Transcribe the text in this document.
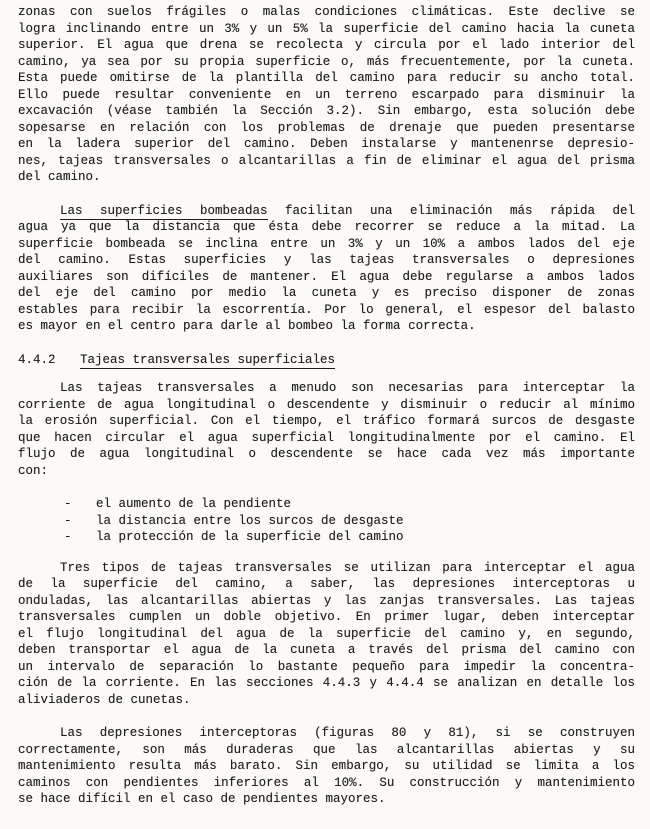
zonas con suelos frágiles o malas condiciones climáticas. Este declive se
logra inclinando entre un 3% y un 5% la superficie del camino hacia la cuneta
superior. El agua que drena se recolecta y circula por el lado interior del
camino, ya sea por su propia superficie o, más frecuentemente, por la cuneta.
Esta puede omitirse de la plantilla del camino para reducir su ancho total.
Ello puede resultar conveniente en un terreno escarpado para disminuir la
excavación (véase también la Sección 3.2). Sin embargo, esta solución debe
sopesarse en relación con los problemas de drenaje que pueden presentarse
en la ladera superior del camino. Deben instalarse y mantenenrse depresio-
nes, tajeas transversales o alcantarillas a fin de eliminar el agua del prisma
del camino.
Las superficies bombeadas facilitan una eliminación más rápida del
agua ya que la distancia que ésta debe recorrer se reduce a la mitad. La
superficie bombeada se inclina entre un 3% y un 10% a ambos lados del eje
del camino. Estas superficies y las tajeas transversales o depresiones
auxiliares son difíciles de mantener. El agua debe regularse a ambos lados
del eje del camino por medio la cuneta y es preciso disponer de zonas
estables para recibir la escorrentía. Por lo general, el espesor del balasto
es mayor en el centro para darle al bombeo la forma correcta.
4.4.2 Tajeas transversales superficiales
Las tajeas transversales a menudo son necesarias para interceptar la
corriente de agua longitudinal o descendente y disminuir o reducir al mínimo
la erosión superficial. Con el tiempo, el tráfico formará surcos de desgaste
que hacen circular el agua superficial longitudinalmente por el camino. El
flujo de agua longitudinal o descendente se hace cada vez más importante
con:
-	el aumento de la pendiente
-	la distancia entre los surcos de desgaste
-	la protección de la superficie del camino
Tres tipos de tajeas transversales se utilizan para interceptar el agua
de la superficie del camino, a saber, las depresiones interceptoras u
onduladas, las alcantarillas abiertas y las zanjas transversales. Las tajeas
transversales cumplen un doble objetivo. En primer lugar, deben interceptar
el flujo longitudinal del agua de la superficie del camino y, en segundo,
deben transportar el agua de la cuneta a través del prisma del camino con
un intervalo de separación lo bastante pequeño para impedir la concentra-
ción de la corriente. En las secciones 4.4.3 y 4.4.4 se analizan en detalle los
aliviaderos de cunetas.
Las depresiones interceptoras (figuras 80 y 81), si se construyen
correctamente, son más duraderas que las alcantarillas abiertas y su
mantenimiento resulta más barato. Sin embargo, su utilidad se limita a los
caminos con pendientes inferiores al 10%. Su construcción y mantenimiento
se hace difícil en el caso de pendientes mayores.
